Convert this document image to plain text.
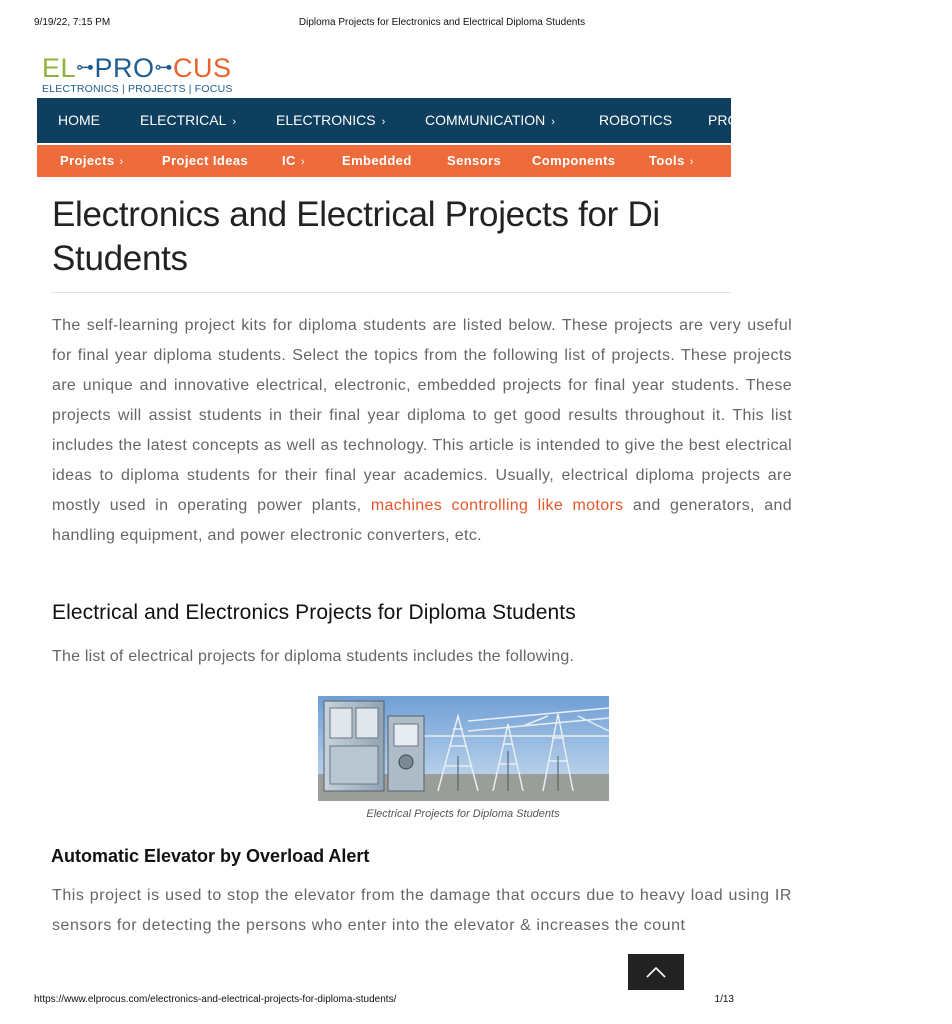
9/19/22, 7:15 PM	Diploma Projects for Electronics and Electrical Diploma Students
EL⊶PRO⊶CUS
ELECTRONICS | PROJECTS | FOCUS
HOME	ELECTRICAL ›	ELECTRONICS ›	COMMUNICATION ›	ROBOTICS	PRO
Projects ›	Project Ideas	IC ›	Embedded	Sensors Components	Tools ›
Electronics and Electrical Projects for Di
Students

The self-learning project kits for diploma students are listed below. These projects are very useful for final year diploma students. Select the topics from the following list of projects. These projects are unique and innovative electrical, electronic, embedded projects for final year students. These projects will assist students in their final year diploma to get good results throughout it. This list includes the latest concepts as well as technology. This article is intended to give the best electrical ideas to diploma students for their final year academics. Usually, electrical diploma projects are mostly used in operating power plants, machines controlling like motors and generators, and handling equipment, and power electronic converters, etc.

Electrical and Electronics Projects for Diploma Students
The list of electrical projects for diploma students includes the following.
Electrical Projects for Diploma Students
Automatic Elevator by Overload Alert

This project is used to stop the elevator from the damage that occurs due to heavy load using IR sensors for detecting the persons who enter into the elevator & increases the count

https://www.elprocus.com/electronics-and-electrical-projects-for-diploma-students/	1/13
